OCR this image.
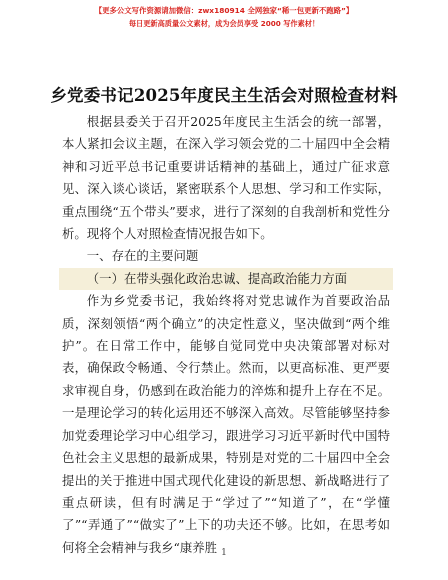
【更多公文写作资源请加微信：zwx180914 全网独家“稀一包更新不跑路”】
每日更新高质量公文素材，成为会员享受 2000 写作素材！
乡党委书记2025年度民主生活会对照检查材料

根据县委关于召开2025年度民主生活会的统一部署，本人紧扣会议主题，在深入学习领会党的二十届四中全会精神和习近平总书记重要讲话精神的基础上，通过广征求意见、深入谈心谈话，紧密联系个人思想、学习和工作实际，重点围绕“五个带头”要求，进行了深刻的自我剖析和党性分析。现将个人对照检查情况报告如下。

一、存在的主要问题

（一）在带头强化政治忠诚、提高政治能力方面

作为乡党委书记，我始终将对党忠诚作为首要政治品质，深刻领悟“两个确立”的决定性意义，坚决做到“两个维护”。在日常工作中，能够自觉同党中央决策部署对标对表，确保政令畅通、令行禁止。然而，以更高标准、更严要求审视自身，仍感到在政治能力的淬炼和提升上存在不足。一是理论学习的转化运用还不够深入高效。尽管能够坚持参加党委理论学习中心组学习，跟进学习习近平新时代中国特色社会主义思想的最新成果，特别是对党的二十届四中全会提出的关于推进中国式现代化建设的新思想、新战略进行了重点研读，但有时满足于“学过了”“知道了”，在“学懂了”“弄通了”“做实了”上下的功夫还不够。比如，在思考如何将全会精神与我乡“康养胜 1
